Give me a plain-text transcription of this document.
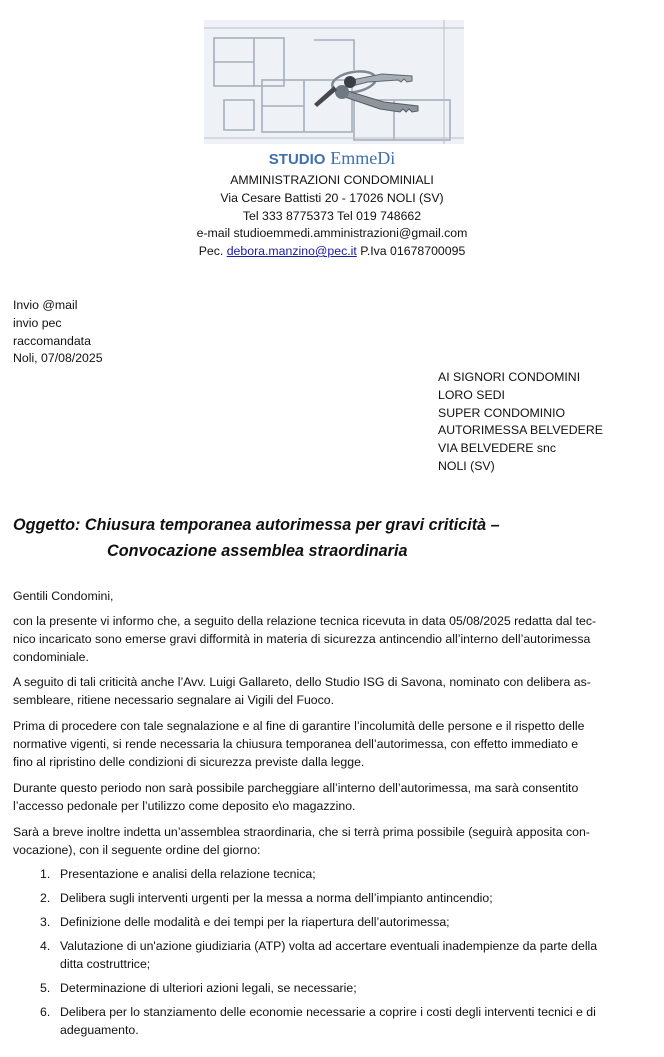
STUDIO EmmeDi
AMMINISTRAZIONI CONDOMINIALI
Via Cesare Battisti 20 - 17026 NOLI (SV)
Tel 333 8775373 Tel 019 748662
e-mail studioemmedi.amministrazioni@gmail.com
Pec. debora.manzino@pec.it P.Iva 01678700095
Invio @mail
invio pec
raccomandata
Noli, 07/08/2025
AI SIGNORI CONDOMINI
LORO SEDI
SUPER CONDOMINIO
AUTORIMESSA BELVEDERE
VIA BELVEDERE snc
NOLI (SV)
Oggetto: Chiusura temporanea autorimessa per gravi criticità –
Convocazione assemblea straordinaria
Gentili Condomini,
con la presente vi informo che, a seguito della relazione tecnica ricevuta in data 05/08/2025 redatta dal tec-
nico incaricato sono emerse gravi difformità in materia di sicurezza antincendio all’interno dell’autorimessa
condominiale.
A seguito di tali criticità anche l’Avv. Luigi Gallareto, dello Studio ISG di Savona, nominato con delibera as-
sembleare, ritiene necessario segnalare ai Vigili del Fuoco.
Prima di procedere con tale segnalazione e al fine di garantire l’incolumità delle persone e il rispetto delle
normative vigenti, si rende necessaria la chiusura temporanea dell’autorimessa, con effetto immediato e
fino al ripristino delle condizioni di sicurezza previste dalla legge.
Durante questo periodo non sarà possibile parcheggiare all’interno dell’autorimessa, ma sarà consentito
l’accesso pedonale per l’utilizzo come deposito e\o magazzino.
Sarà a breve inoltre indetta un’assemblea straordinaria, che si terrà prima possibile (seguirà apposita con-
vocazione), con il seguente ordine del giorno:
1. Presentazione e analisi della relazione tecnica;
2. Delibera sugli interventi urgenti per la messa a norma dell’impianto antincendio;
3. Definizione delle modalità e dei tempi per la riapertura dell’autorimessa;
4. Valutazione di un'azione giudiziaria (ATP) volta ad accertare eventuali inadempienze da parte della
ditta costruttrice;
5. Determinazione di ulteriori azioni legali, se necessarie;
6. Delibera per lo stanziamento delle economie necessarie a coprire i costi degli interventi tecnici e di
adeguamento.
